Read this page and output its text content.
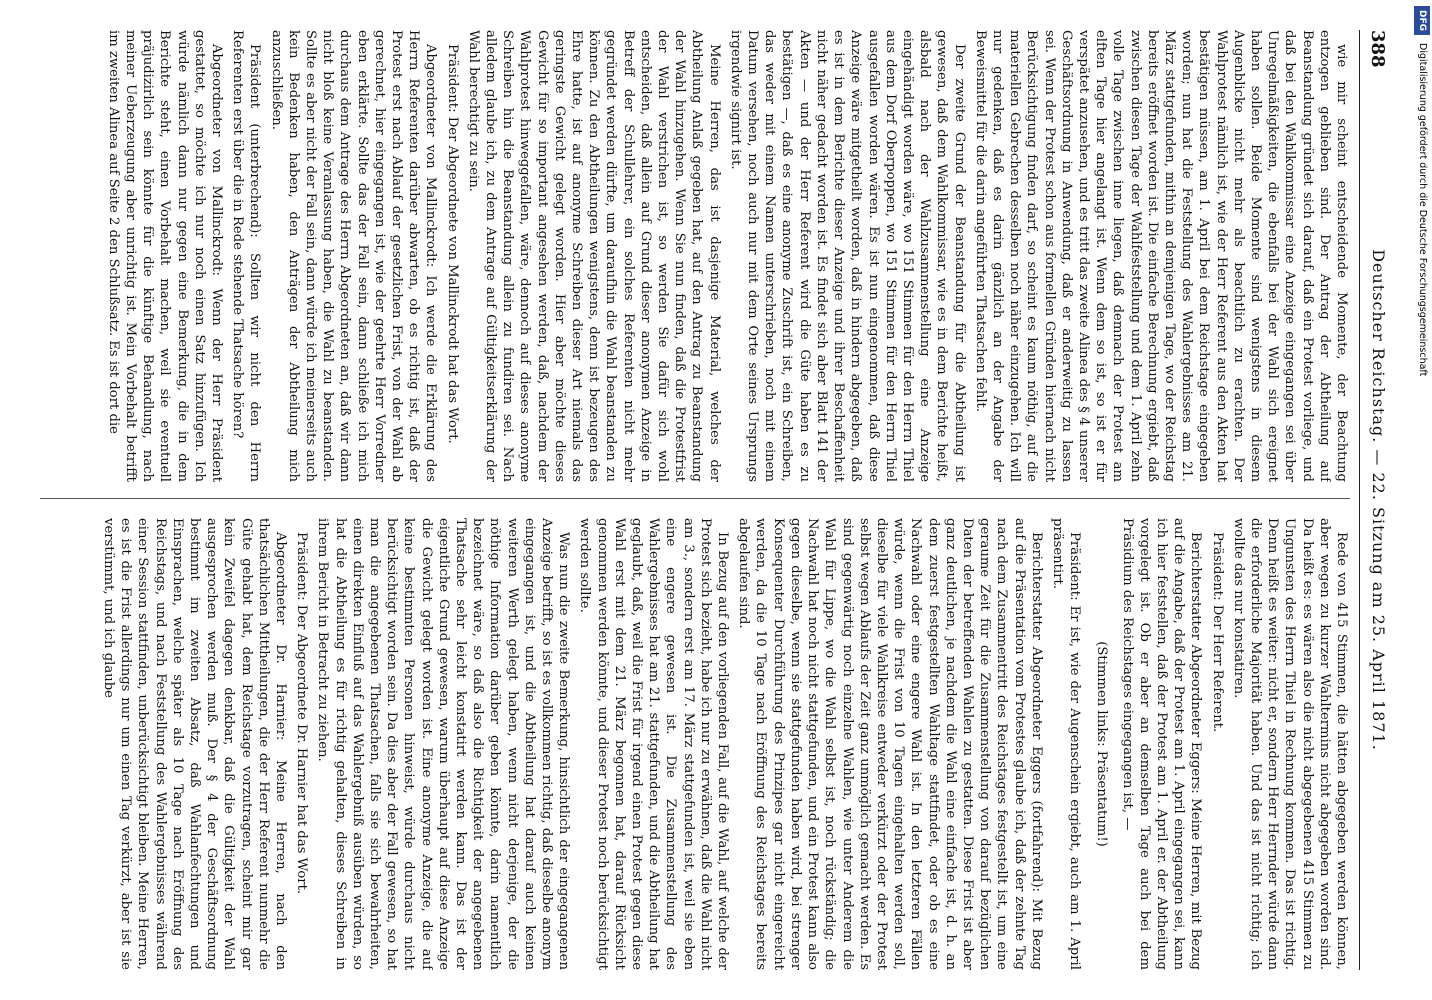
388
Deutscher Reichstag. — 22. Sitzung am 25. April 1871.

wie mir scheint entscheidende Momente, der Beachtung entzogen geblieben sind. Der Antrag der Abtheilung auf Beanstandung gründet sich darauf, daß ein Protest vorliege, und daß bei den Wahlkommissar eine Anzeige eingegangen sei über Unregelmäßigkeiten, die ebenfalls bei der Wahl sich ereignet haben sollen. Beide Momente sind wenigstens in diesem Augenblicke nicht mehr als beachtlich zu erachten. Der Wahlprotest nämlich ist, wie der Herr Referent aus den Akten hat bestätigen müssen, am 1. April bei dem Reichstage eingegeben worden; nun hat die Feststellung des Wahlergebnisses am 21. März stattgefunden, mithin an demjenigen Tage, wo der Reichstag bereits eröffnet worden ist. Die einfache Berechnung ergiebt, daß zwischen diesen Tage der Wahlfeststellung und dem 1. April zehn volle Tage zwischen inne liegen, daß demnach der Protest am elften Tage hier angelangt ist. Wenn dem so ist, so ist er für verspätet anzusehen, und es tritt das zweite Alinea des § 4 unserer Geschäftsordnung in Anwendung, daß er anderweitig zu lassen sei. Wenn der Protest schon aus formellen Gründen hiernach nicht Berücksichtigung finden darf, so scheint es kaum nöthig, auf die materiellen Gebrechen desselben noch näher einzugehen. Ich will nur gedenken, daß es darin gänzlich an der Angabe der Beweismittel für die darin angeführten Thatsachen fehlt.

Der zweite Grund der Beanstandung für die Abtheilung ist gewesen, daß dem Wahlkommissar, wie es in dem Berichte heißt, alsbald nach der Wahlzusammenstellung eine Anzeige eingehändigt worden wäre, wo 151 Stimmen für den Herrn Thiel aus dem Dorf Oberpoppen, wo 151 Stimmen für den Herrn Thiel ausgefallen worden wären. Es ist nun eingenommen, daß diese Anzeige wäre mitgetheilt worden, daß in hindern abgegeben, daß es ist in dem Berichte dieser Anzeige und ihrer Beschaffenheit nicht näher gedacht worden ist. Es findet sich aber Blatt 141 der Akten — und der Herr Referent wird die Güte haben es zu bestätigen —, daß es eine anonyme Zuschrift ist, ein Schreiben, das weder mit einem Namen unterschrieben, noch mit einem Datum versehen, noch auch nur mit dem Orte seines Ursprungs irgendwie signirt ist.

Meine Herren, das ist dasjenige Material, welches der Abtheilung Anlaß gegeben hat, auf den Antrag zu Beanstandung der Wahl hinzugehen. Wenn Sie nun finden, daß die Protestfrist der Wahl verstrichen ist, so werden Sie dafür sich wohl entscheiden, daß allein auf Grund dieser anonymen Anzeige in Betreff der Schullehrer, ein solches Referenten nicht mehr gegründet werden dürfte, um daraufhin die Wahl beanstanden zu können. Zu den Abtheilungen wenigstens, denn ist bezeugen des Ehre hatte, ist auf anonyme Schreiben dieser Art niemals das geringste Gewicht gelegt worden. Hier aber möchte dieses Gewicht für so important angesehen werden, daß, nachdem der Wahlprotest hinweggefallen, wäre, dennoch auf dieses anonyme Schreiben hin die Beanstandung allein zu fundiren sei. Nach alledem glaube ich, zu dem Antrage auf Gültigkeitserklärung der Wahl berechtigt zu sein.

Präsident: Der Abgeordnete von Mallinckrodt hat das Wort.

Abgeordneter von Mallinckrodt: Ich werde die Erklärung des Herrn Referenten darüber abwarten, ob es richtig ist, daß der Protest erst nach Ablauf der gesetzlichen Frist, von der Wahl ab gerechnet, hier eingegangen ist, wie der geehrte Herr Vorredner eben erklärte. Sollte das der Fall sein, dann schließe ich mich durchaus dem Antrage des Herrn Abgeordneten an, daß wir dann nicht bloß keine Veranlassung haben, die Wahl zu beanstanden. Sollte es aber nicht der Fall sein, dann würde ich meinerseits auch kein Bedenken haben, den Anträgen der Abtheilung mich anzuschließen.

Präsident (unterbrechend): Sollten wir nicht den Herrn Referenten erst über die in Rede stehende Thatsache hören?

Abgeordneter von Mallinckrodt: Wenn der Herr Präsident gestattet, so möchte ich nur noch einen Satz hinzufügen. Ich würde nämlich dann nur gegen eine Bemerkung, die in dem Berichte steht, einen Vorbehalt machen, weil sie eventuell präjudizirlich sein könnte für die künftige Behandlung, nach meiner Ueberzeugung aber unrichtig ist. Mein Vorbehalt betrifft im zweiten Alinea auf Seite 2 den Schlußsatz. Es ist dort die

Rede von 415 Stimmen, die hätten abgegeben werden können, aber wegen zu kurzer Wahltermins nicht abgegeben worden sind. Da heißt es: es wären also die nicht abgegebenen 415 Stimmen zu Ungunsten des Herrn Thiel in Rechnung kommen. Das ist richtig. Denn heißt es weiter: nicht er, sondern Herr Herrnder würde dann die erforderliche Majorität haben. Und das ist nicht richtig; ich wollte das nur konstatiren.

Präsident: Der Herr Referent.

Berichterstatter Abgeordneter Eggers: Meine Herren, mit Bezug auf die Angabe, daß der Protest am 1. April eingegangen sei, kann ich hier feststellen, daß der Protest am 1. April er. der Abtheilung vorgelegt ist. Ob er aber an demselben Tage auch bei dem Präsidium des Reichstages eingegangen ist, —

(Stimmen links: Präsentatum!)

Präsident: Er ist, wie der Augenschein ergiebt, auch am 1. April präsentirt.

Berichterstatter Abgeordneter Eggers (fortfahrend): Mit Bezug auf die Präsentation vom Protestes glaube ich, daß der zehnte Tag nach dem Zusammentritt des Reichstages festgestellt ist, um eine geraume Zeit für die Zusammenstellung von darauf bezüglichen Daten der betreffenden Wahlen zu gestatten. Diese Frist ist aber ganz deutlichen, je nachdem die Wahl eine einfache ist, d. h. an dem zuerst festgestellten Wahltage stattfindet, oder ob es eine Nachwahl oder eine engere Wahl ist. In den letzteren Fällen würde, wenn die Frist von 10 Tagen eingehalten werden soll, dieselbe für viele Wahlkreise entweder verkürzt oder der Protest selbst wegen Ablaufs der Zeit ganz unmöglich gemacht werden. Es sind gegenwärtig noch einzelne Wahlen, wie unter Anderem die Wahl für Lippe, wo die Wahl selbst ist, noch rückständig; die Nachwahl hat noch nicht stattgefunden, und ein Protest kann also gegen dieselbe, wenn sie stattgefunden haben wird, bei strenger Konsequenter Durchführung des Prinzipes gar nicht eingereicht werden, da die 10 Tage nach Eröffnung des Reichstages bereits abgelaufen sind.

In Bezug auf den vorliegenden Fall, auf die Wahl, auf welche der Protest sich bezieht, habe ich nur zu erwähnen, daß die Wahl nicht am 3., sondern erst am 17. März stattgefunden ist, weil sie eben eine engere gewesen ist. Die Zusammenstellung des Wahlergebnisses hat am 21. stattgefunden, und die Abtheilung hat geglaubt, daß, weil die Frist für irgend einen Protest gegen diese Wahl erst mit dem 21. März begonnen hat, darauf Rücksicht genommen werden könnte, und dieser Protest noch berücksichtigt werden sollte.

Was nun die zweite Bemerkung, hinsichtlich der eingegangenen Anzeige betrifft, so ist es vollkommen richtig, daß dieselbe anonym eingegangen ist, und die Abtheilung hat darauf auch keinen weiteren Werth gelegt haben, wenn nicht derjenige, der die nöthige Information darüber geben könnte, darin namentlich bezeichnet wäre, so daß also die Richtigkeit der angegebenen Thatsache sehr leicht konstatirt werden kann. Das ist der eigentliche Grund gewesen, warum überhaupt auf diese Anzeige die Gewicht gelegt worden ist. Eine anonyme Anzeige, die auf keine bestimmten Personen hinweist, würde durchaus nicht berücksichtigt worden sein. Da dies aber der Fall gewesen, so hat man die angegebenen Thatsachen, falls sie sich bewahrheiten, einen direkten Einfluß auf das Wahlergebniß ausüben würden, so hat die Abtheilung es für richtig gehalten, dieses Schreiben in ihrem Bericht in Betracht zu ziehen.

Präsident: Der Abgeordnete Dr. Harnier hat das Wort.

Abgeordneter Dr. Harnier: Meine Herren, nach den thatsächlichen Mittheilungen, die der Herr Referent nunmehr die Güte gehabt hat, dem Reichstage vorzutragen, scheint mir gar kein Zweifel dagegen denkbar, daß die Gültigkeit der Wahl ausgesprochen werden muß. Der § 4 der Geschäftsordnung bestimmt im zweiten Absatz, daß Wahlanfechtungen und Einsprachen, welche später als 10 Tage nach Eröffnung des Reichstags, und nach Feststellung des Wahlergebnisses während einer Session stattfinden, unberücksichtigt bleiben. Meine Herren, es ist die Frist allerdings nur um einen Tag verkürzt, aber ist sie verstümmt, und ich glaube

DFGDigitalisierung gefördert durch die Deutsche Forschungsgemeinschaft
